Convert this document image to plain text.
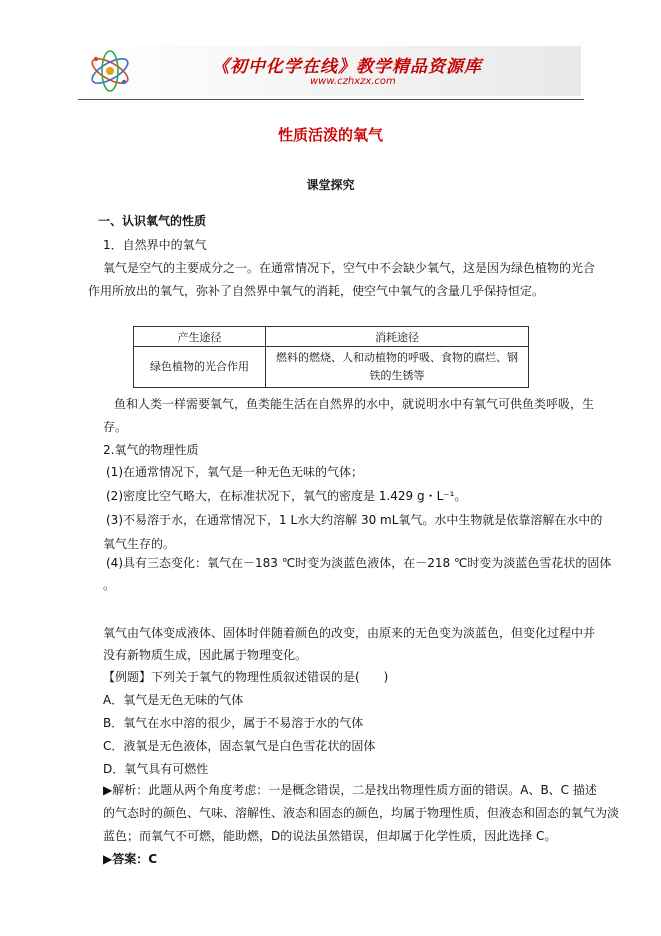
《初中化学在线》教学精品资源库
www.czhxzx.com
性质活泼的氧气
课堂探究
一、认识氧气的性质
1．自然界中的氧气
氧气是空气的主要成分之一。在通常情况下，空气中不会缺少氧气，这是因为绿色植物的光合
作用所放出的氧气，弥补了自然界中氧气的消耗，使空气中氧气的含量几乎保持恒定。
产生途径	消耗途径
绿色植物的光合作用	燃料的燃烧、人和动植物的呼吸、食物的腐烂、钢
铁的生锈等
鱼和人类一样需要氧气，鱼类能生活在自然界的水中，就说明水中有氧气可供鱼类呼吸，生
存。
2.氧气的物理性质
(1)在通常情况下，氧气是一种无色无味的气体；
(2)密度比空气略大，在标准状况下，氧气的密度是 1.429 g・L⁻¹。
(3)不易溶于水，在通常情况下，1 L水大约溶解 30 mL氧气。水中生物就是依靠溶解在水中的
氧气生存的。
(4)具有三态变化：氧气在－183 ℃时变为淡蓝色液体，在－218 ℃时变为淡蓝色雪花状的固体
。
氧气由气体变成液体、固体时伴随着颜色的改变，由原来的无色变为淡蓝色，但变化过程中并
没有新物质生成，因此属于物理变化。
【例题】下列关于氧气的物理性质叙述错误的是(　　)
A．氧气是无色无味的气体
B．氧气在水中溶的很少，属于不易溶于水的气体
C．液氧是无色液体，固态氧气是白色雪花状的固体
D．氧气具有可燃性
▶解析：此题从两个角度考虑：一是概念错误，二是找出物理性质方面的错误。A、B、C 描述
的气态时的颜色、气味、溶解性、液态和固态的颜色，均属于物理性质，但液态和固态的氧气为淡
蓝色；而氧气不可燃，能助燃，D的说法虽然错误，但却属于化学性质，因此选择 C。
▶答案：C
